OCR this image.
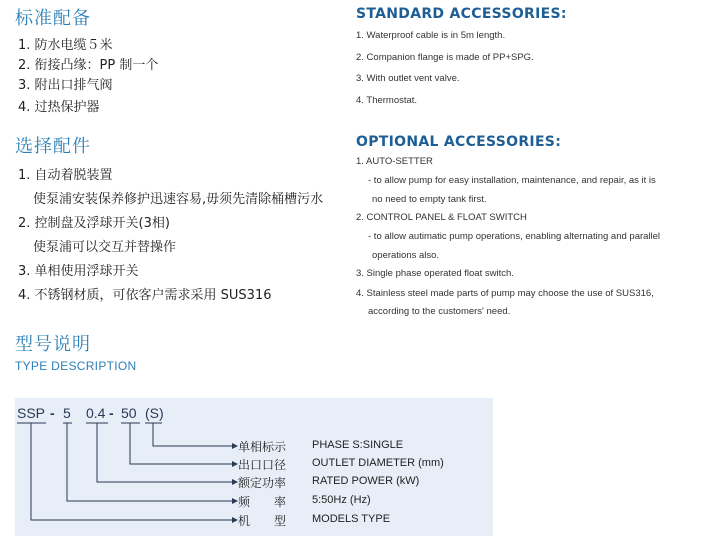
标准配备
1. 防水电缆５米
2. 衔接凸缘：PP 制一个
3. 附出口排气阀
4. 过热保护器
STANDARD ACCESSORIES:
1. Waterproof cable is in 5m length.
2. Companion flange is made of PP+SPG.
3. With outlet vent valve.
4. Thermostat.
选择配件
1. 自动着脱装置
使泵浦安装保养修护迅速容易,毋须先清除桶槽污水
2. 控制盘及浮球开关(3相)
使泵浦可以交互并替操作
3. 单相使用浮球开关
4. 不锈钢材质，可依客户需求采用 SUS316
OPTIONAL ACCESSORIES:
1. AUTO-SETTER
- to allow pump for easy installation, maintenance, and repair, as it is
no need to empty tank first.
2. CONTROL PANEL & FLOAT SWITCH
- to allow autimatic pump operations, enabling alternating and parallel
operations also.
3. Single phase operated float switch.
4. Stainless steel made parts of pump may choose the use of SUS316,
according to the customers' need.
型号说明
TYPE DESCRIPTION
SSP - 5 0.4 - 50 (S)
单相标示 PHASE S:SINGLE
出口口径 OUTLET DIAMETER (mm)
额定功率 RATED POWER (kW)
频　　率 5:50Hz (Hz)
机　　型 MODELS TYPE
